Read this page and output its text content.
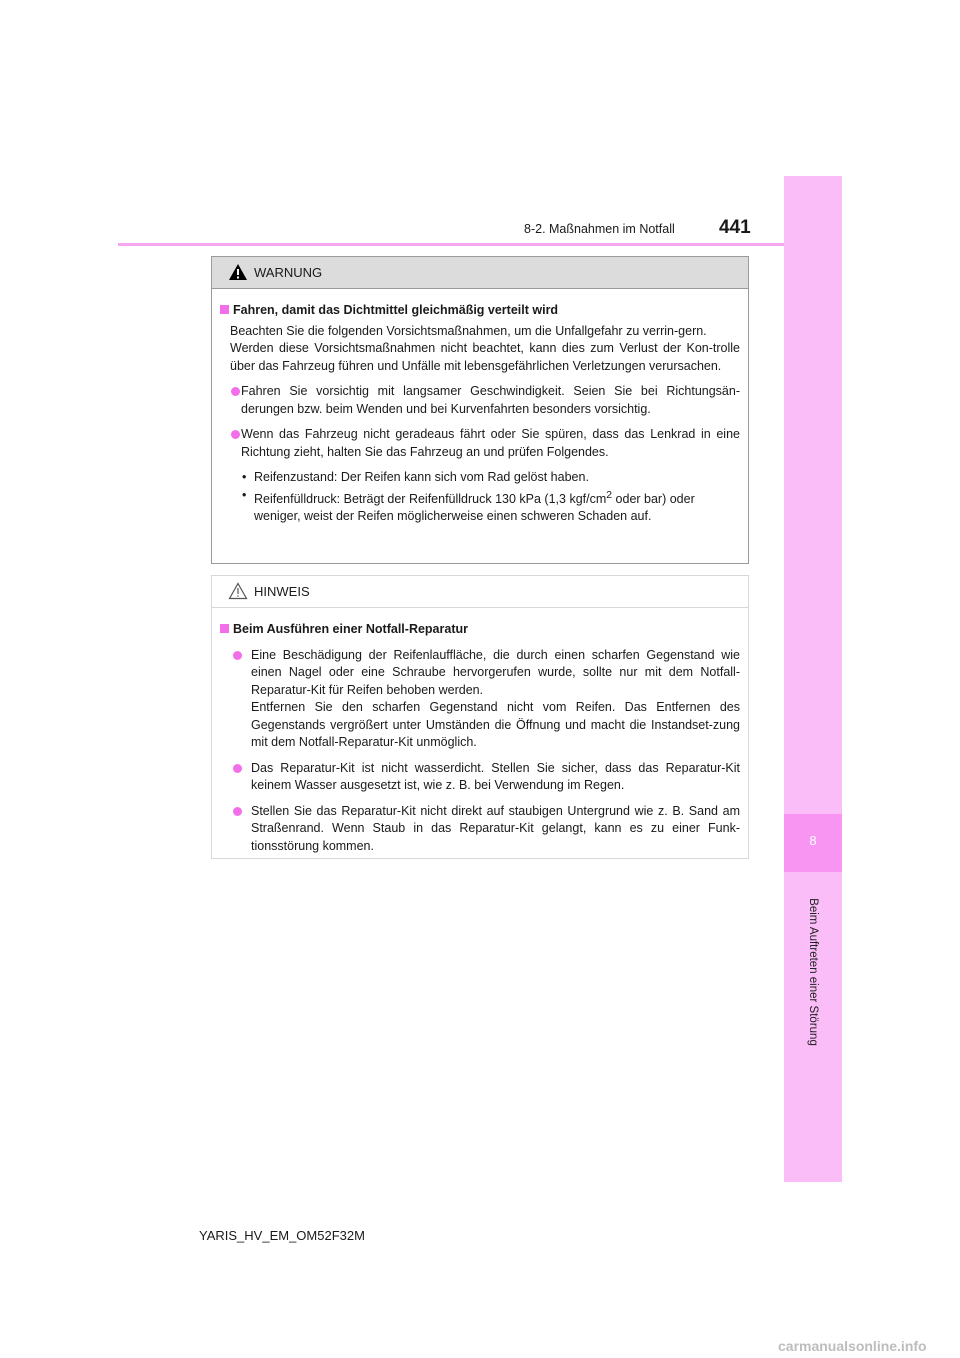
441
8-2. Maßnahmen im Notfall
8
Beim Auftreten einer Störung
WARNUNG
Fahren, damit das Dichtmittel gleichmäßig verteilt wird
Beachten Sie die folgenden Vorsichtsmaßnahmen, um die Unfallgefahr zu verrin-gern.
Werden diese Vorsichtsmaßnahmen nicht beachtet, kann dies zum Verlust der Kon-trolle über das Fahrzeug führen und Unfälle mit lebensgefährlichen Verletzungen verursachen.
Fahren Sie vorsichtig mit langsamer Geschwindigkeit. Seien Sie bei Richtungsän-derungen bzw. beim Wenden und bei Kurvenfahrten besonders vorsichtig.
Wenn das Fahrzeug nicht geradeaus fährt oder Sie spüren, dass das Lenkrad in eine Richtung zieht, halten Sie das Fahrzeug an und prüfen Folgendes.
• Reifenzustand: Der Reifen kann sich vom Rad gelöst haben.
• Reifenfülldruck: Beträgt der Reifenfülldruck 130 kPa (1,3 kgf/$cm^2$ oder bar) oder weniger, weist der Reifen möglicherweise einen schweren Schaden auf.
HINWEIS
Beim Ausführen einer Notfall-Reparatur
Eine Beschädigung der Reifenlauffläche, die durch einen scharfen Gegenstand wie einen Nagel oder eine Schraube hervorgerufen wurde, sollte nur mit dem Notfall-Reparatur-Kit für Reifen behoben werden.
Entfernen Sie den scharfen Gegenstand nicht vom Reifen. Das Entfernen des Gegenstands vergrößert unter Umständen die Öffnung und macht die Instandset-zung mit dem Notfall-Reparatur-Kit unmöglich.
Das Reparatur-Kit ist nicht wasserdicht. Stellen Sie sicher, dass das Reparatur-Kit keinem Wasser ausgesetzt ist, wie z. B. bei Verwendung im Regen.
Stellen Sie das Reparatur-Kit nicht direkt auf staubigen Untergrund wie z. B. Sand am Straßenrand. Wenn Staub in das Reparatur-Kit gelangt, kann es zu einer Funk-tionsstörung kommen.
YARIS_HV_EM_OM52F32M
carmanualsonline.info
